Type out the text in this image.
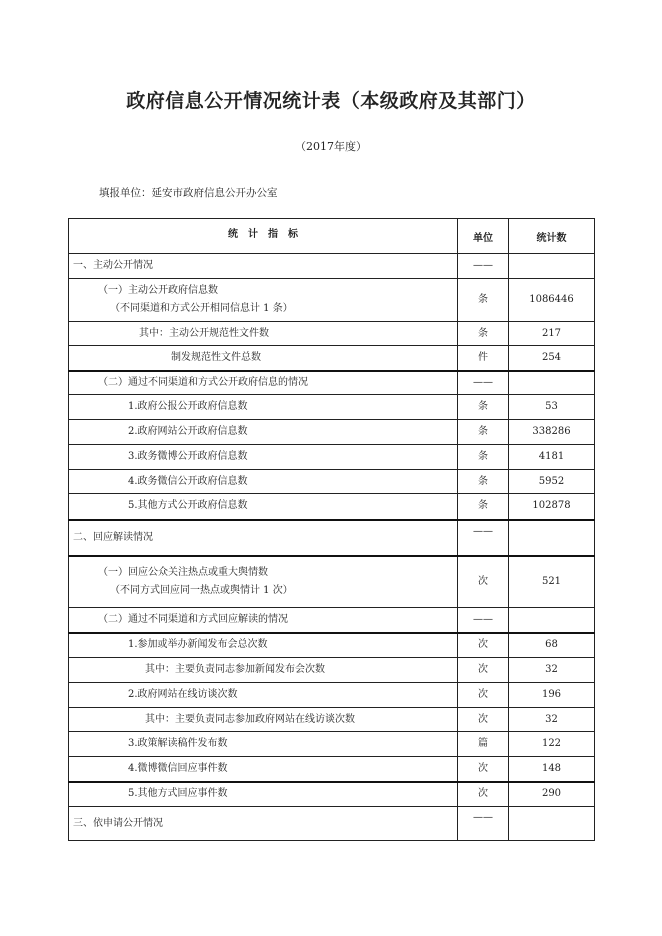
政府信息公开情况统计表（本级政府及其部门）
（2017年度）
填报单位：延安市政府信息公开办公室
统　计　指　标	单位	统计数

一、主动公开情况	——	

（一）主动公开政府信息数
（不同渠道和方式公开相同信息计 1 条）	条	1086446

其中：主动公开规范性文件数	条	217

制发规范性文件总数	件	254

（二）通过不同渠道和方式公开政府信息的情况	——	

1.政府公报公开政府信息数	条	53

2.政府网站公开政府信息数	条	338286

3.政务微博公开政府信息数	条	4181

4.政务微信公开政府信息数	条	5952

5.其他方式公开政府信息数	条	102878

二、回应解读情况	——	

（一）回应公众关注热点或重大舆情数
（不同方式回应同一热点或舆情计 1 次）	次	521

（二）通过不同渠道和方式回应解读的情况	——	

1.参加或举办新闻发布会总次数	次	68

其中：主要负责同志参加新闻发布会次数	次	32

2.政府网站在线访谈次数	次	196

其中：主要负责同志参加政府网站在线访谈次数	次	32

3.政策解读稿件发布数	篇	122

4.微博微信回应事件数	次	148

5.其他方式回应事件数	次	290

三、依申请公开情况	——	
